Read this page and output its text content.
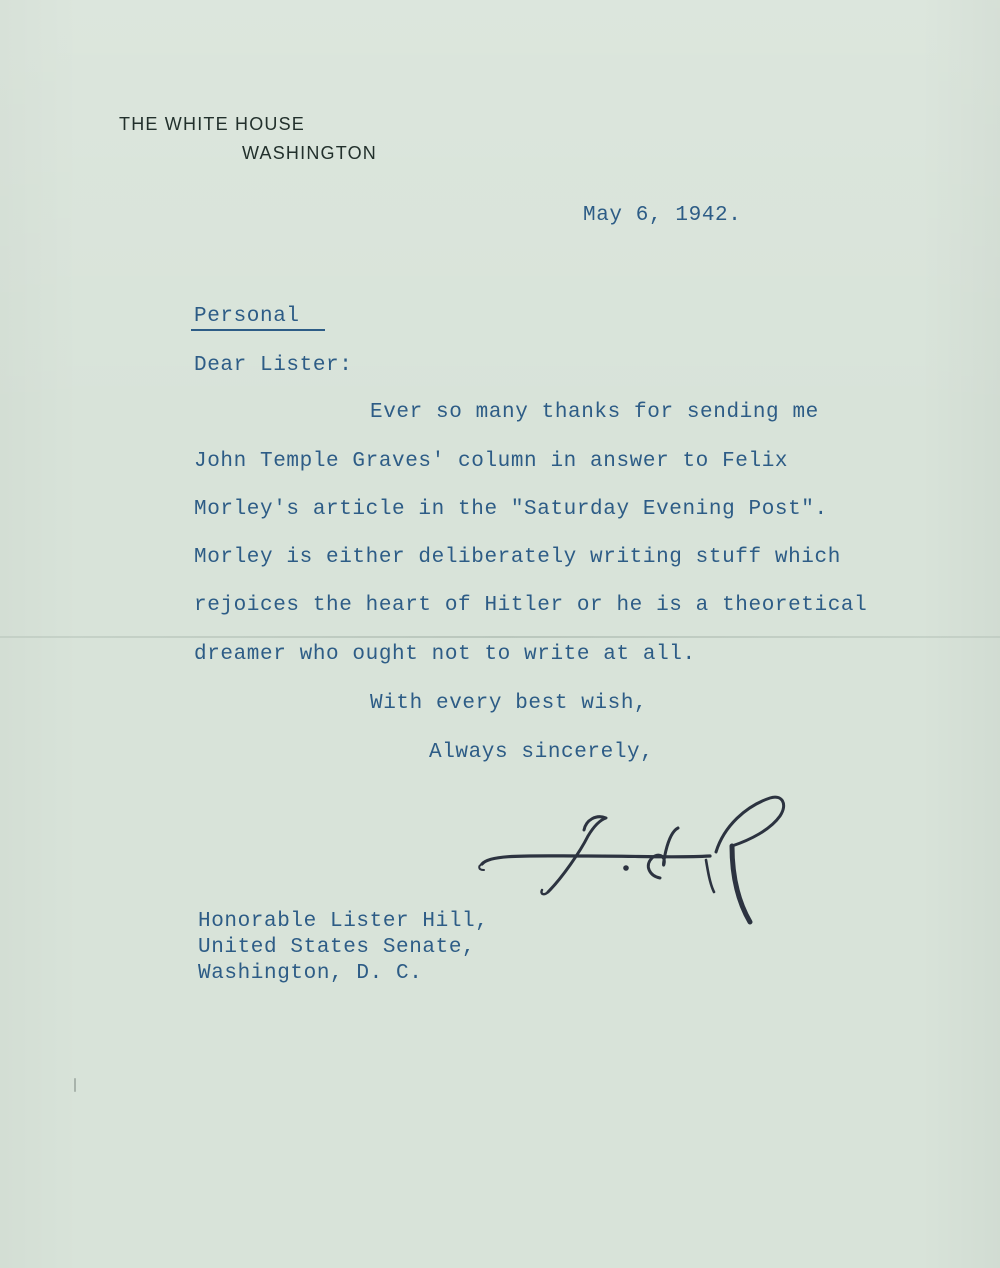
THE WHITE HOUSE
WASHINGTON
May 6, 1942.
Personal
Dear Lister:
Ever so many thanks for sending me
John Temple Graves' column in answer to Felix
Morley's article in the "Saturday Evening Post".
Morley is either deliberately writing stuff which
rejoices the heart of Hitler or he is a theoretical
dreamer who ought not to write at all.
With every best wish,
Always sincerely,
Honorable Lister Hill,
United States Senate,
Washington, D. C.
